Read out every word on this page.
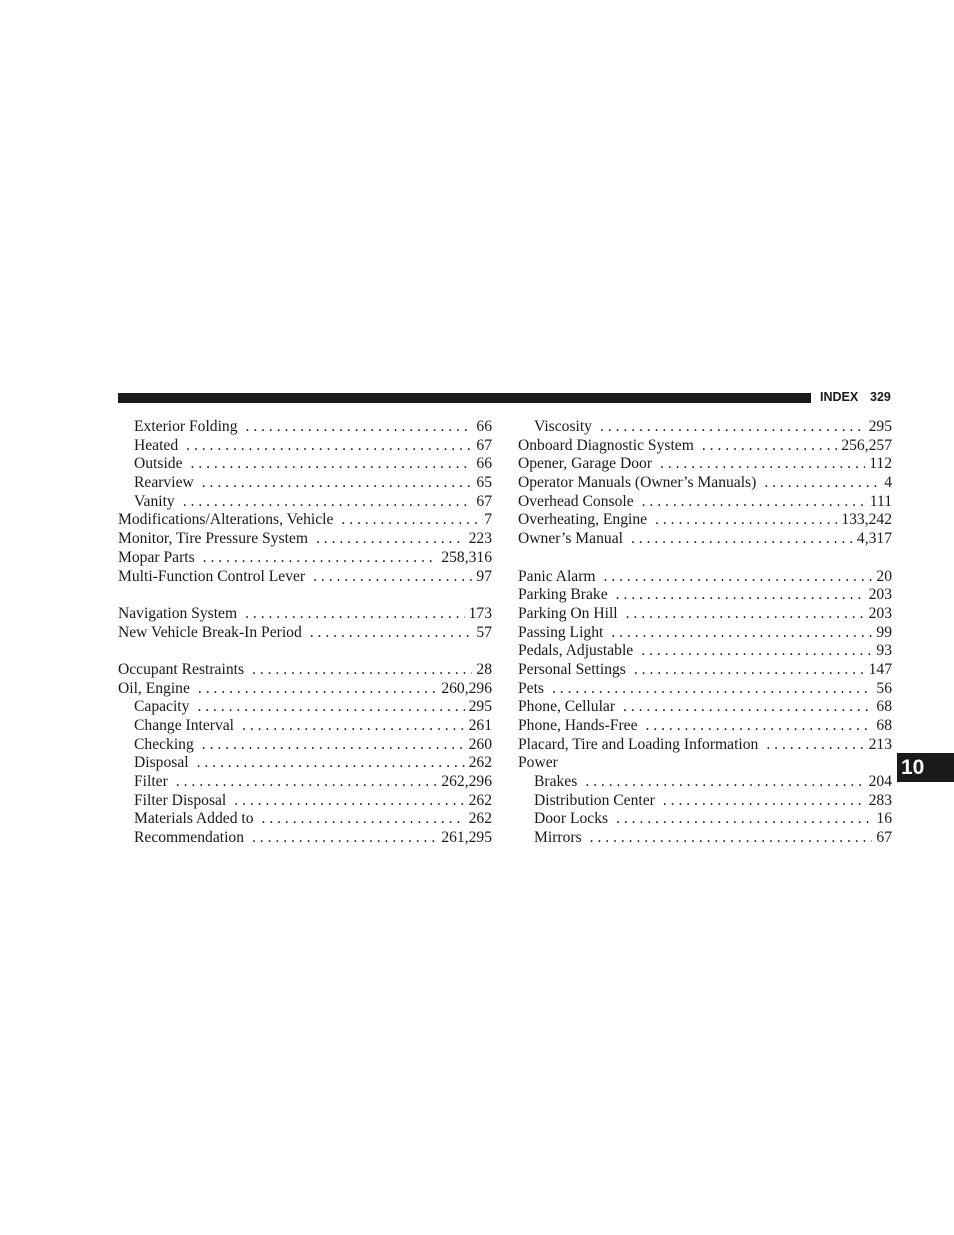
INDEX 329
Exterior Folding . . .	66
Heated . . .	67
Outside . . .	66
Rearview . . .	65
Vanity . . .	67
Modifications/Alterations, Vehicle . . .	7
Monitor, Tire Pressure System . . .	223
Mopar Parts . . .	258,316
Multi-Function Control Lever . . .	97
Navigation System . . .	173
New Vehicle Break-In Period . . .	57
Occupant Restraints . . .	28
Oil, Engine . . .	260,296
Capacity . . .	295
Change Interval . . .	261
Checking . . .	260
Disposal . . .	262
Filter . . .	262,296
Filter Disposal . . .	262
Materials Added to . . .	262
Recommendation . . .	261,295
Viscosity . . .	295
Onboard Diagnostic System . . .	256,257
Opener, Garage Door . . .	112
Operator Manuals (Owner’s Manuals) . . .	4
Overhead Console . . .	111
Overheating, Engine . . .	133,242
Owner’s Manual . . .	4,317
Panic Alarm . . .	20
Parking Brake . . .	203
Parking On Hill . . .	203
Passing Light . . .	99
Pedals, Adjustable . . .	93
Personal Settings . . .	147
Pets . . .	56
Phone, Cellular . . .	68
Phone, Hands-Free . . .	68
Placard, Tire and Loading Information . . .	213
Power
Brakes . . .	204
Distribution Center . . .	283
Door Locks . . .	16
Mirrors . . .	67
10
